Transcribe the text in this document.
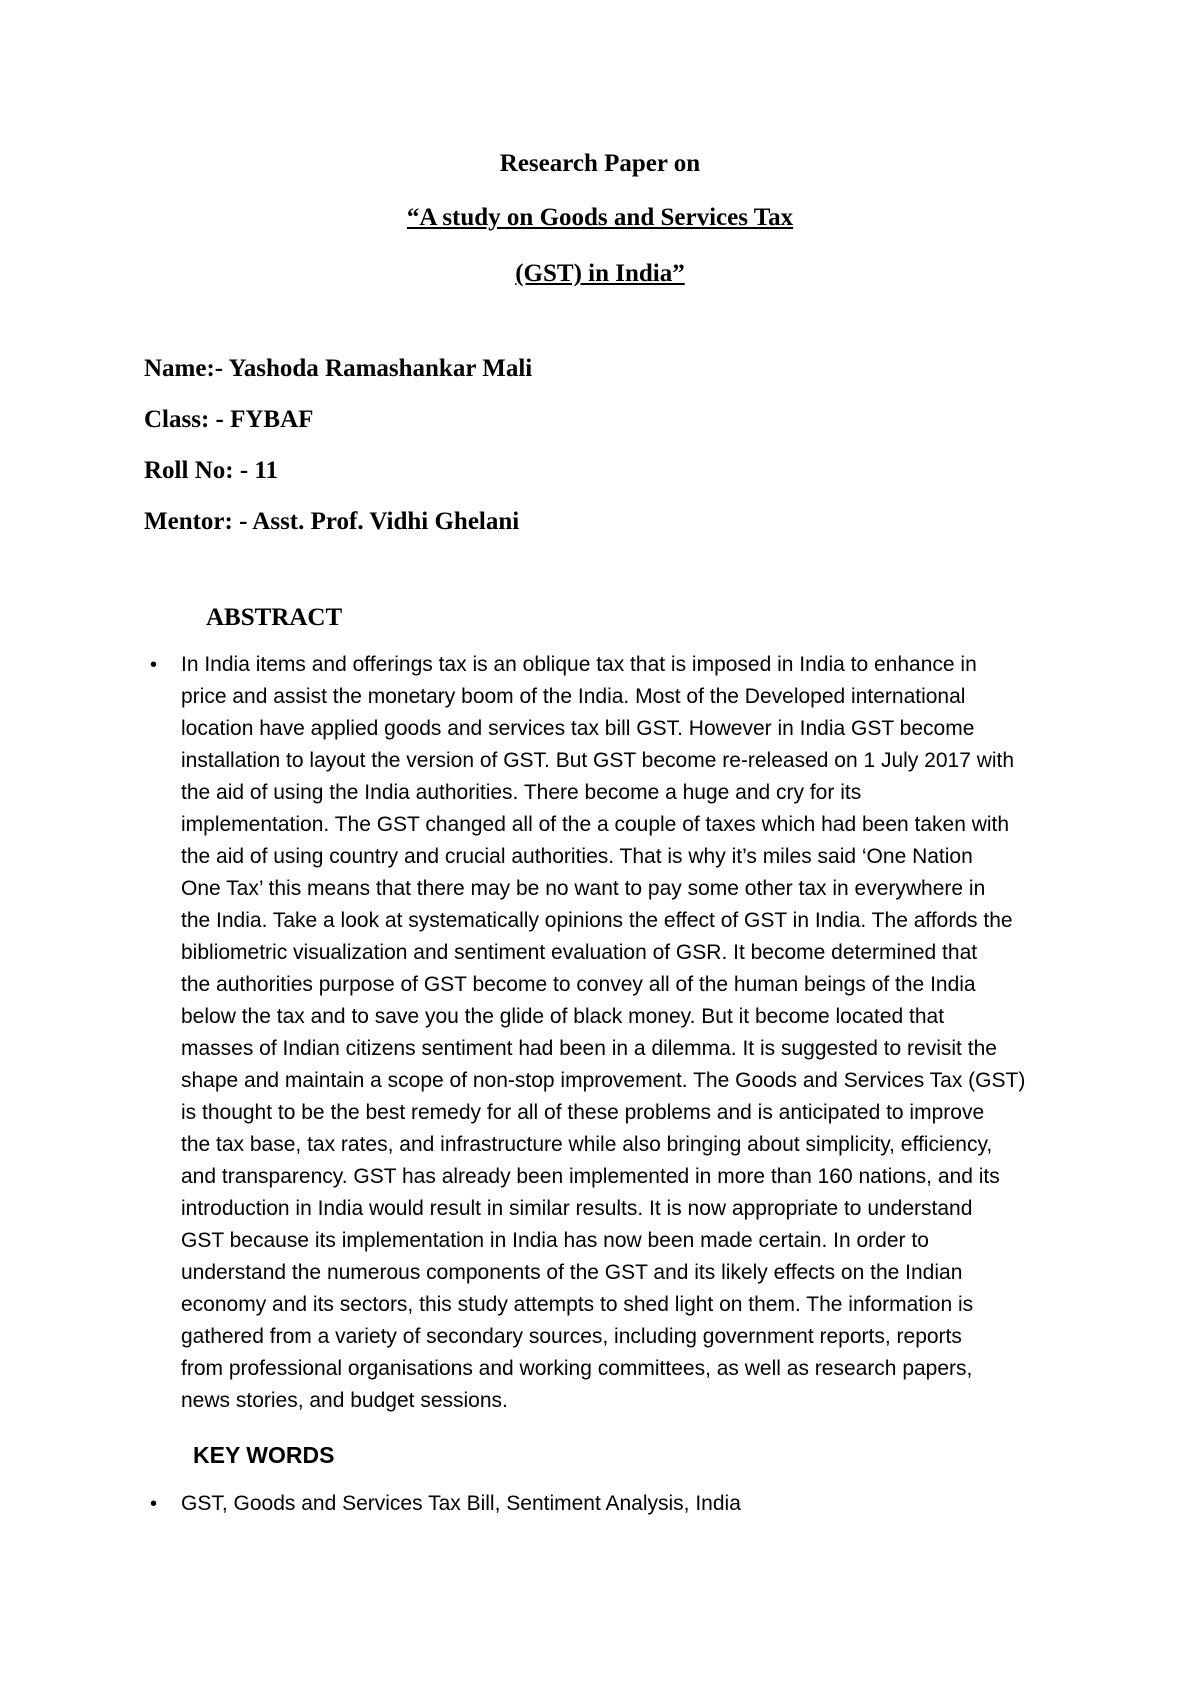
Research Paper on
“A study on Goods and Services Tax
(GST) in India”
Name:- Yashoda Ramashankar Mali
Class: - FYBAF
Roll No: - 11
Mentor: - Asst. Prof. Vidhi Ghelani
ABSTRACT
• In India items and offerings tax is an oblique tax that is imposed in India to enhance in
price and assist the monetary boom of the India. Most of the Developed international
location have applied goods and services tax bill GST. However in India GST become
installation to layout the version of GST. But GST become re-released on 1 July 2017 with
the aid of using the India authorities. There become a huge and cry for its
implementation. The GST changed all of the a couple of taxes which had been taken with
the aid of using country and crucial authorities. That is why it’s miles said ‘One Nation
One Tax’ this means that there may be no want to pay some other tax in everywhere in
the India. Take a look at systematically opinions the effect of GST in India. The affords the
bibliometric visualization and sentiment evaluation of GSR. It become determined that
the authorities purpose of GST become to convey all of the human beings of the India
below the tax and to save you the glide of black money. But it become located that
masses of Indian citizens sentiment had been in a dilemma. It is suggested to revisit the
shape and maintain a scope of non-stop improvement. The Goods and Services Tax (GST)
is thought to be the best remedy for all of these problems and is anticipated to improve
the tax base, tax rates, and infrastructure while also bringing about simplicity, efficiency,
and transparency. GST has already been implemented in more than 160 nations, and its
introduction in India would result in similar results. It is now appropriate to understand
GST because its implementation in India has now been made certain. In order to
understand the numerous components of the GST and its likely effects on the Indian
economy and its sectors, this study attempts to shed light on them. The information is
gathered from a variety of secondary sources, including government reports, reports
from professional organisations and working committees, as well as research papers,
news stories, and budget sessions.
KEY WORDS
• GST, Goods and Services Tax Bill, Sentiment Analysis, India
